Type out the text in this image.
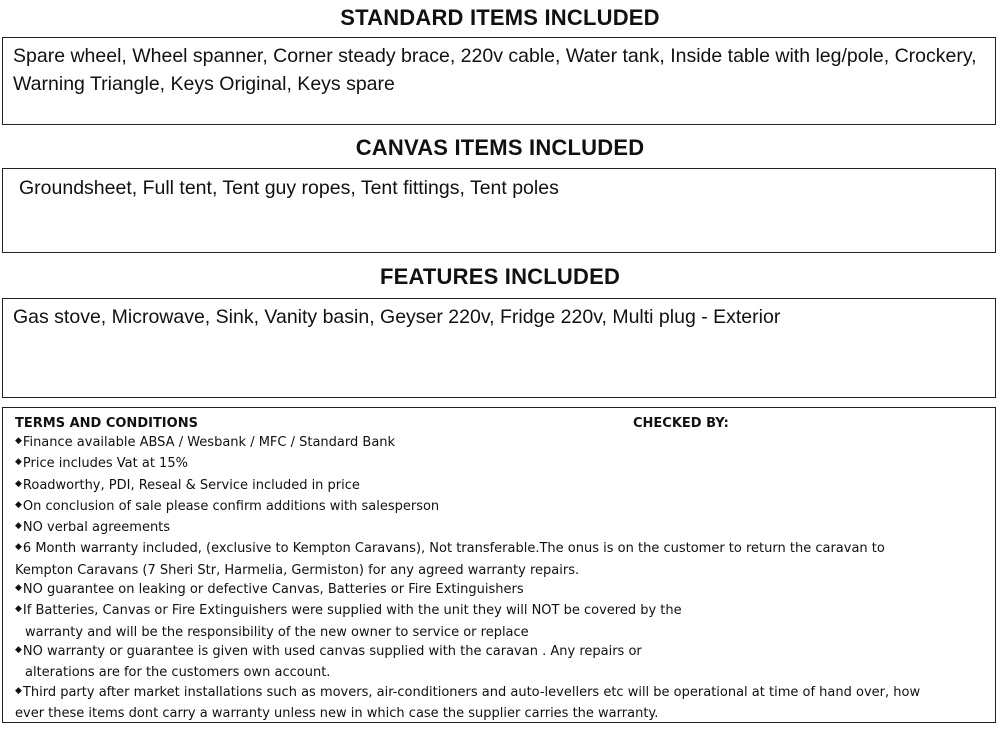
STANDARD ITEMS INCLUDED
Spare wheel, Wheel spanner, Corner steady brace, 220v cable, Water tank, Inside table with leg/pole, Crockery, Warning Triangle, Keys Original, Keys spare
CANVAS ITEMS INCLUDED
Groundsheet, Full tent, Tent guy ropes, Tent fittings, Tent poles
FEATURES INCLUDED
Gas stove, Microwave, Sink, Vanity basin, Geyser 220v, Fridge 220v, Multi plug - Exterior
TERMS AND CONDITIONS	CHECKED BY:
◆Finance available ABSA / Wesbank / MFC / Standard Bank
◆Price includes Vat at 15%
◆Roadworthy, PDI, Reseal & Service included in price
◆On conclusion of sale please confirm additions with salesperson
◆NO verbal agreements
◆6 Month warranty included, (exclusive to Kempton Caravans), Not transferable.The onus is on the customer to return the caravan to
Kempton Caravans (7 Sheri Str, Harmelia, Germiston) for any agreed warranty repairs.
◆NO guarantee on leaking or defective Canvas, Batteries or Fire Extinguishers
◆If Batteries, Canvas or Fire Extinguishers were supplied with the unit they will NOT be covered by the
warranty and will be the responsibility of the new owner to service or replace
◆NO warranty or guarantee is given with used canvas supplied with the caravan . Any repairs or
alterations are for the customers own account.
◆Third party after market installations such as movers, air-conditioners and auto-levellers etc will be operational at time of hand over, how
ever these items dont carry a warranty unless new in which case the supplier carries the warranty.
